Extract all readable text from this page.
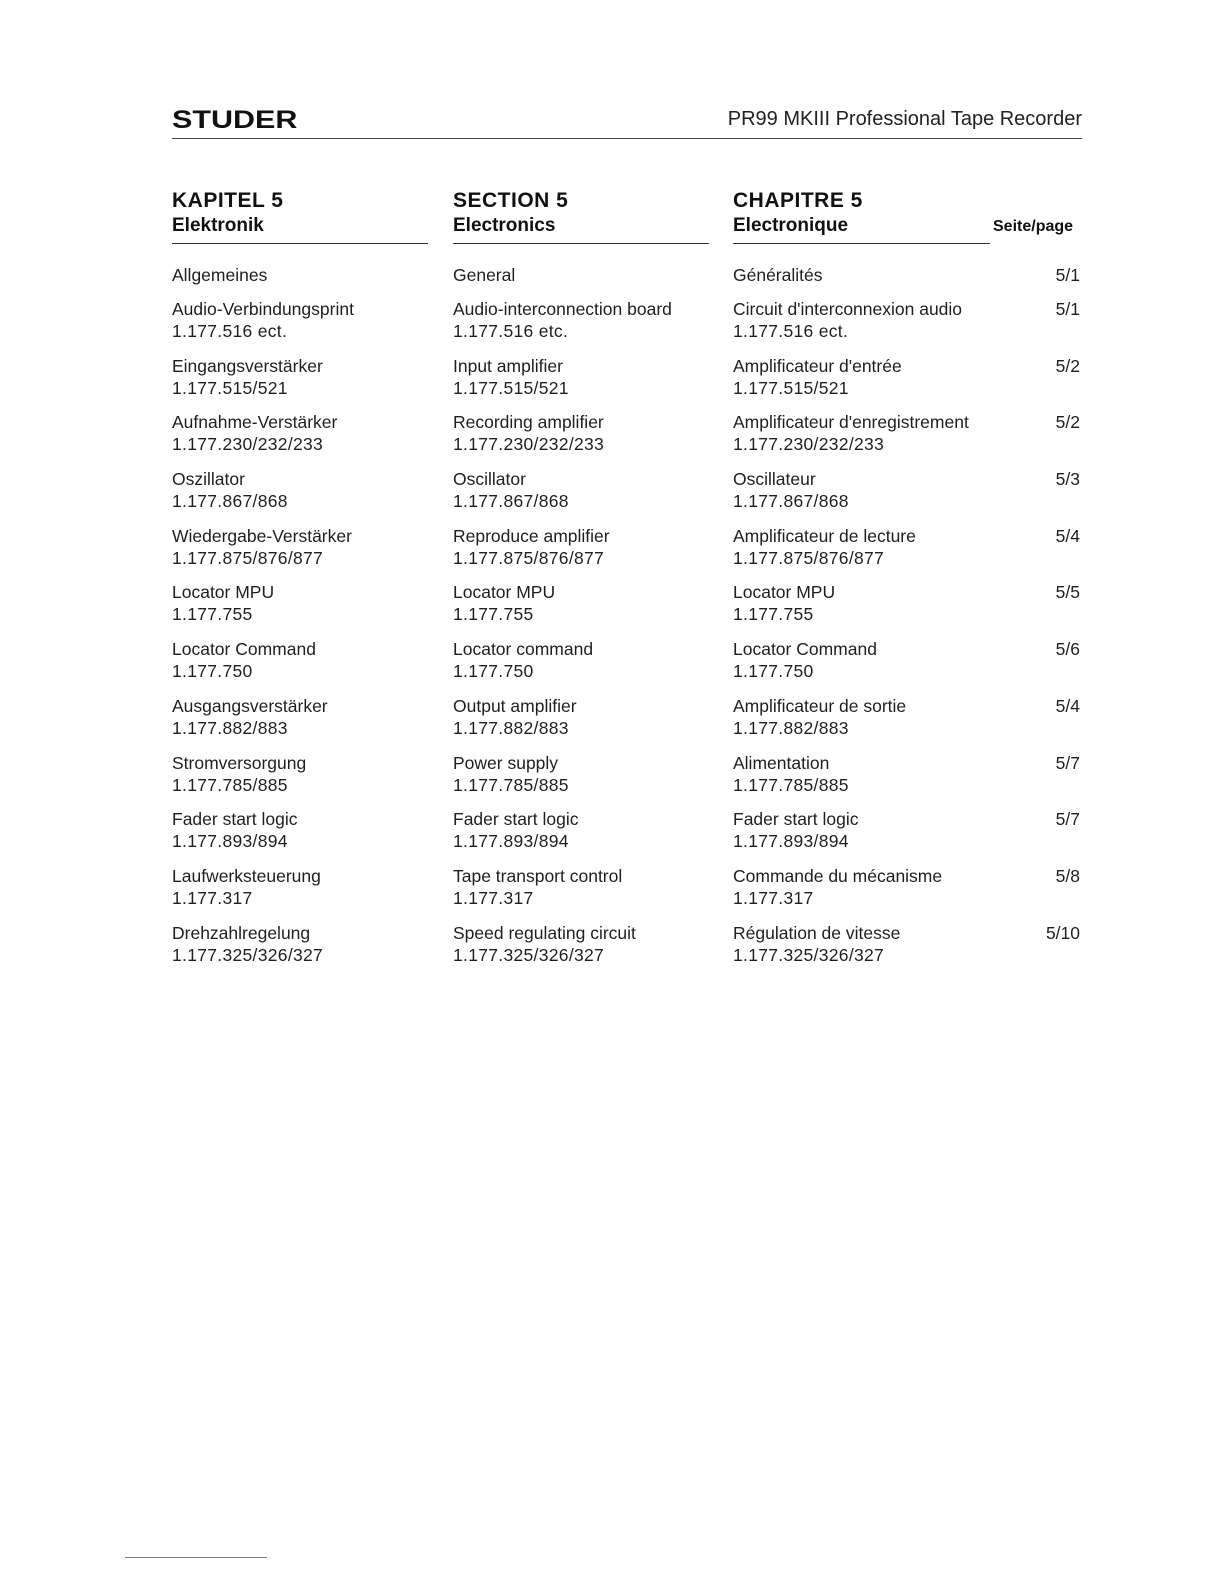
STUDER	PR99 MKIII Professional Tape Recorder
KAPITEL 5
Elektronik
SECTION 5
Electronics
CHAPITRE 5
Electronique	Seite/page
Allgemeines
Audio-Verbindungsprint
1.177.516 ect.
Eingangsverstärker
1.177.515/521
Aufnahme-Verstärker
1.177.230/232/233
Oszillator
1.177.867/868
Wiedergabe-Verstärker
1.177.875/876/877
Locator MPU
1.177.755
Locator Command
1.177.750
Ausgangsverstärker
1.177.882/883
Stromversorgung
1.177.785/885
Fader start logic
1.177.893/894
Laufwerksteuerung
1.177.317
Drehzahlregelung
1.177.325/326/327
General
Audio-interconnection board
1.177.516 etc.
Input amplifier
1.177.515/521
Recording amplifier
1.177.230/232/233
Oscillator
1.177.867/868
Reproduce amplifier
1.177.875/876/877
Locator MPU
1.177.755
Locator command
1.177.750
Output amplifier
1.177.882/883
Power supply
1.177.785/885
Fader start logic
1.177.893/894
Tape transport control
1.177.317
Speed regulating circuit
1.177.325/326/327
Généralités
Circuit d'interconnexion audio
1.177.516 ect.
Amplificateur d'entrée
1.177.515/521
Amplificateur d'enregistrement
1.177.230/232/233
Oscillateur
1.177.867/868
Amplificateur de lecture
1.177.875/876/877
Locator MPU
1.177.755
Locator Command
1.177.750
Amplificateur de sortie
1.177.882/883
Alimentation
1.177.785/885
Fader start logic
1.177.893/894
Commande du mécanisme
1.177.317
Régulation de vitesse
1.177.325/326/327
5/1
5/1
5/2
5/2
5/3
5/4
5/5
5/6
5/4
5/7
5/7
5/8
5/10
